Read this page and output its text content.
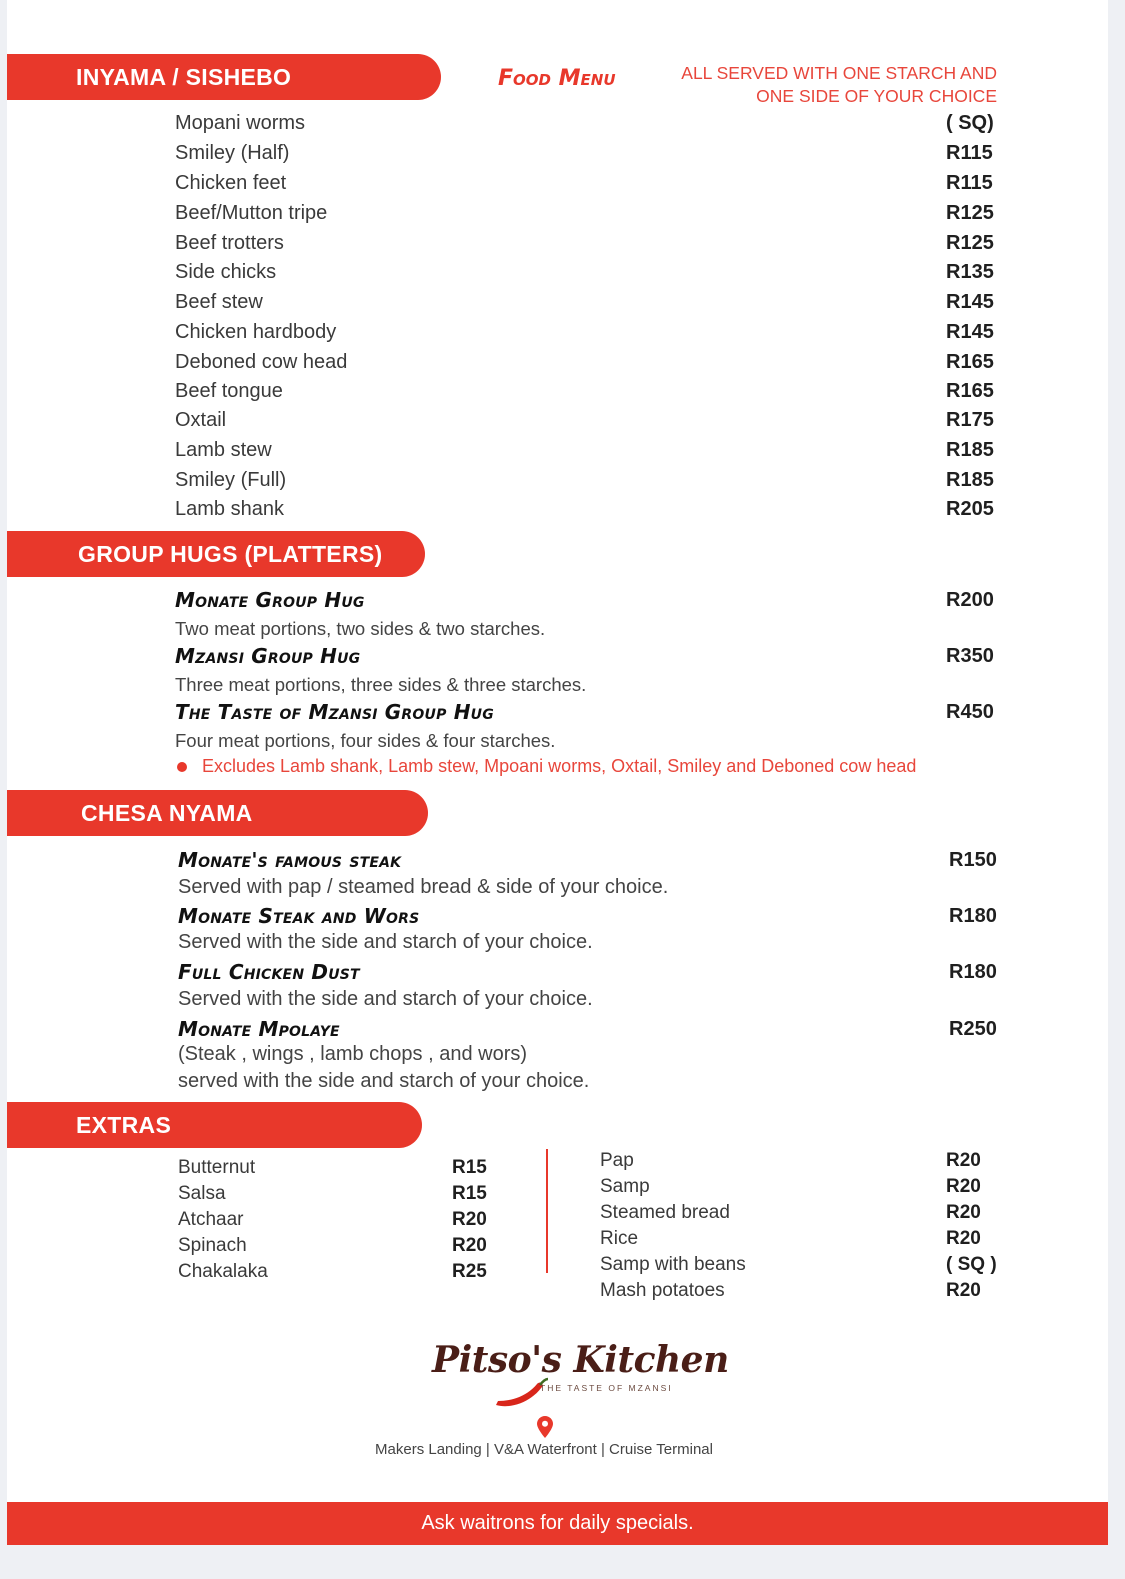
INYAMA / SISHEBO	Food Menu	ALL SERVED WITH ONE STARCH AND
ONE SIDE OF YOUR CHOICE
Mopani worms	( SQ)
Smiley (Half)	R115
Chicken feet	R115
Beef/Mutton tripe	R125
Beef trotters	R125
Side chicks	R135
Beef stew	R145
Chicken hardbody	R145
Deboned cow head	R165
Beef tongue	R165
Oxtail	R175
Lamb stew	R185
Smiley (Full)	R185
Lamb shank	R205
GROUP HUGS (PLATTERS)
Monate Group Hug	R200
Two meat portions, two sides & two starches.
Mzansi Group Hug	R350
Three meat portions, three sides & three starches.
The Taste of Mzansi Group Hug	R450
Four meat portions, four sides & four starches.
Excludes Lamb shank, Lamb stew, Mpoani worms, Oxtail, Smiley and Deboned cow head
CHESA NYAMA
Monate's famous steak	R150
Served with pap / steamed bread & side of your choice.
Monate Steak and Wors	R180
Served with the side and starch of your choice.
Full Chicken Dust	R180
Served with the side and starch of your choice.
Monate Mpolaye	R250
(Steak , wings , lamb chops , and wors)
served with the side and starch of your choice.
EXTRAS
Butternut	R15
Salsa	R15
Atchaar	R20
Spinach	R20
Chakalaka	R25
Pap	R20
Samp	R20
Steamed bread	R20
Rice	R20
Samp with beans	( SQ )
Mash potatoes	R20
Pitso's Kitchen
THE TASTE OF MZANSI
Makers Landing | V&A Waterfront | Cruise Terminal
Ask waitrons for daily specials.
